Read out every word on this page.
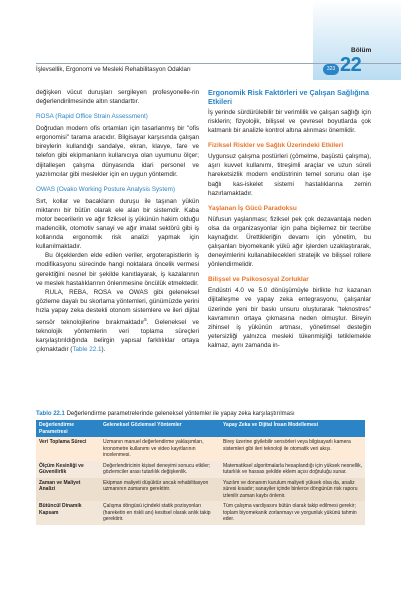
İşlevsellik, Ergonomi ve Mesleki Rehabilitasyon Odakları
Bölüm
22
323

değişken vücut duruşları sergileyen profesyonelle-rin değerlendirilmesinde altın standarttır.

ROSA (Rapid Office Strain Assessment)

Doğrudan modern ofis ortamları için tasarlanmış bir "ofis ergonomisi" tarama aracıdır. Bilgisayar karşısında çalışan bireylerin kullandığı sandalye, ekran, klavye, fare ve telefon gibi ekipmanların kullanıcıya olan uyumunu ölçer; dijitalleşen çalışma dünyasında idari personel ve yazılımcılar gibi meslekler için en uygun yöntemdir.

OWAS (Ovako Working Posture Analysis System)

Sırt, kollar ve bacakların duruşu ile taşınan yükün miktarını bir bütün olarak ele alan bir sistemdir. Kaba motor becerilerin ve ağır fiziksel iş yükünün hakim olduğu madencilik, otomotiv sanayi ve ağır imalat sektörü gibi iş kollarında ergonomik risk analizi yapmak için kullanılmaktadır.

Bu ölçeklerden elde edilen veriler, ergoterapistlerin iş modifikasyonu sürecinde hangi noktalara öncelik vermesi gerektiğini nesnel bir şekilde kanıtlayarak, iş kazalarının ve meslek hastalıklarının önlenmesine öncülük etmektedir.

RULA, REBA, ROSA ve OWAS gibi geleneksel gözleme dayalı bu skorlama yöntemleri, günümüzde yerini hızla yapay zeka destekli otonom sistemlere ve ileri dijital sensör teknolojilerine bırakmaktadır$^5$. Geleneksel ve teknolojik yöntemlerin veri toplama süreçleri karşılaştırıldığında belirgin yapısal farklılıklar ortaya çıkmaktadır (Table 22.1).

Ergonomik Risk Faktörleri ve Çalışan Sağlığına Etkileri

İş yerinde sürdürülebilir bir verimlilik ve çalışan sağlığı için risklerin; fizyolojik, bilişsel ve çevresel boyutlarda çok katmanlı bir analizle kontrol altına alınması önemlidir.

Fiziksel Riskler ve Sağlık Üzerindeki Etkileri

Uygunsuz çalışma postürleri (çömelme, başüstü çalışma), aşırı kuvvet kullanımı, titreşimli araçlar ve uzun süreli hareketsizlik modern endüstrinin temel sorunu olan işe bağlı kas-iskelet sistemi hastalıklarına zemin hazırlamaktadır.

Yaşlanan İş Gücü Paradoksu

Nüfusun yaşlanması; fiziksel pek çok dezavantaja neden olsa da organizasyonlar için paha biçilemez bir tecrübe kaynağıdır. Ürettikleriğin devamı için yönetim, bu çalışanları biyomekanik yükü ağır işlerden uzaklaştırarak, deneyimlerini kullanabilecekleri stratejik ve bilişsel rollere yönlendirmelidir.

Bilişsel ve Psikososyal Zorluklar

Endüstri 4.0 ve 5.0 dönüşümüyle birlikte hız kazanan dijitalleşme ve yapay zeka entegrasyonu, çalışanlar üzerinde yeni bir baskı unsuru oluşturarak "teknostres" kavramının ortaya çıkmasına neden olmuştur. Bireyin zihinsel iş yükünün artması, yönetimsel desteğin yetersizliği yalnızca mesleki tükenmişliği tetiklemekle kalmaz, aynı zamanda in-

Tablo 22.1 Değerlendirme parametrelerinde geleneksel yöntemler ile yapay zeka karşılaştırılması
Değerlendirme Parametresi	Geleneksel Gözlemsel Yöntemler	Yapay Zeka ve Dijital İnsan Modellemesi
Veri Toplama Süreci	Uzmanın manuel değerlendirme yaklaşımları, kronometre kullanımı ve video kayıtlarının incelenmesi.	Birey üzerine giyilebilir sensörleri veya bilgisayarlı kamera sistemleri gibi ileri teknoloji ile otomatik veri akışı.
Ölçüm Kesinliği ve Güvenilirlik	Değerlendiricinin kişisel deneyimi sonucu etkiler; gözlemciler arası tutarlılık değişkenlik.	Matematiksel algoritmalarla hesaplandığı için yüksek nesnellik, tutarlılık ve hassas şekilde eklem açısı doğruluğu sunar.
Zaman ve Maliyet Analizi	Ekipman maliyeti düşüktür ancak rehabilitasyon uzmanının zamanını gerektirir.	Yazılım ve donanım kurulum maliyeti yüksek olsa da, analiz süresi kısadır; sanayiler içinde binlerce döngünün risk raporu izlenilir zaman kaybı önlenir.
Bütüncül Dinamik Kapsam	Çalışma döngüsü içindeki statik pozisyonları (hareketin en riskli anı) kesitsel olarak anlık takip gerektirir.	Tüm çalışma vardiyasını bütün olarak takip edilmesi gerekir; toplam biyomekanik zorlanmayı ve yorgunluk yükünü tahmin eder.
